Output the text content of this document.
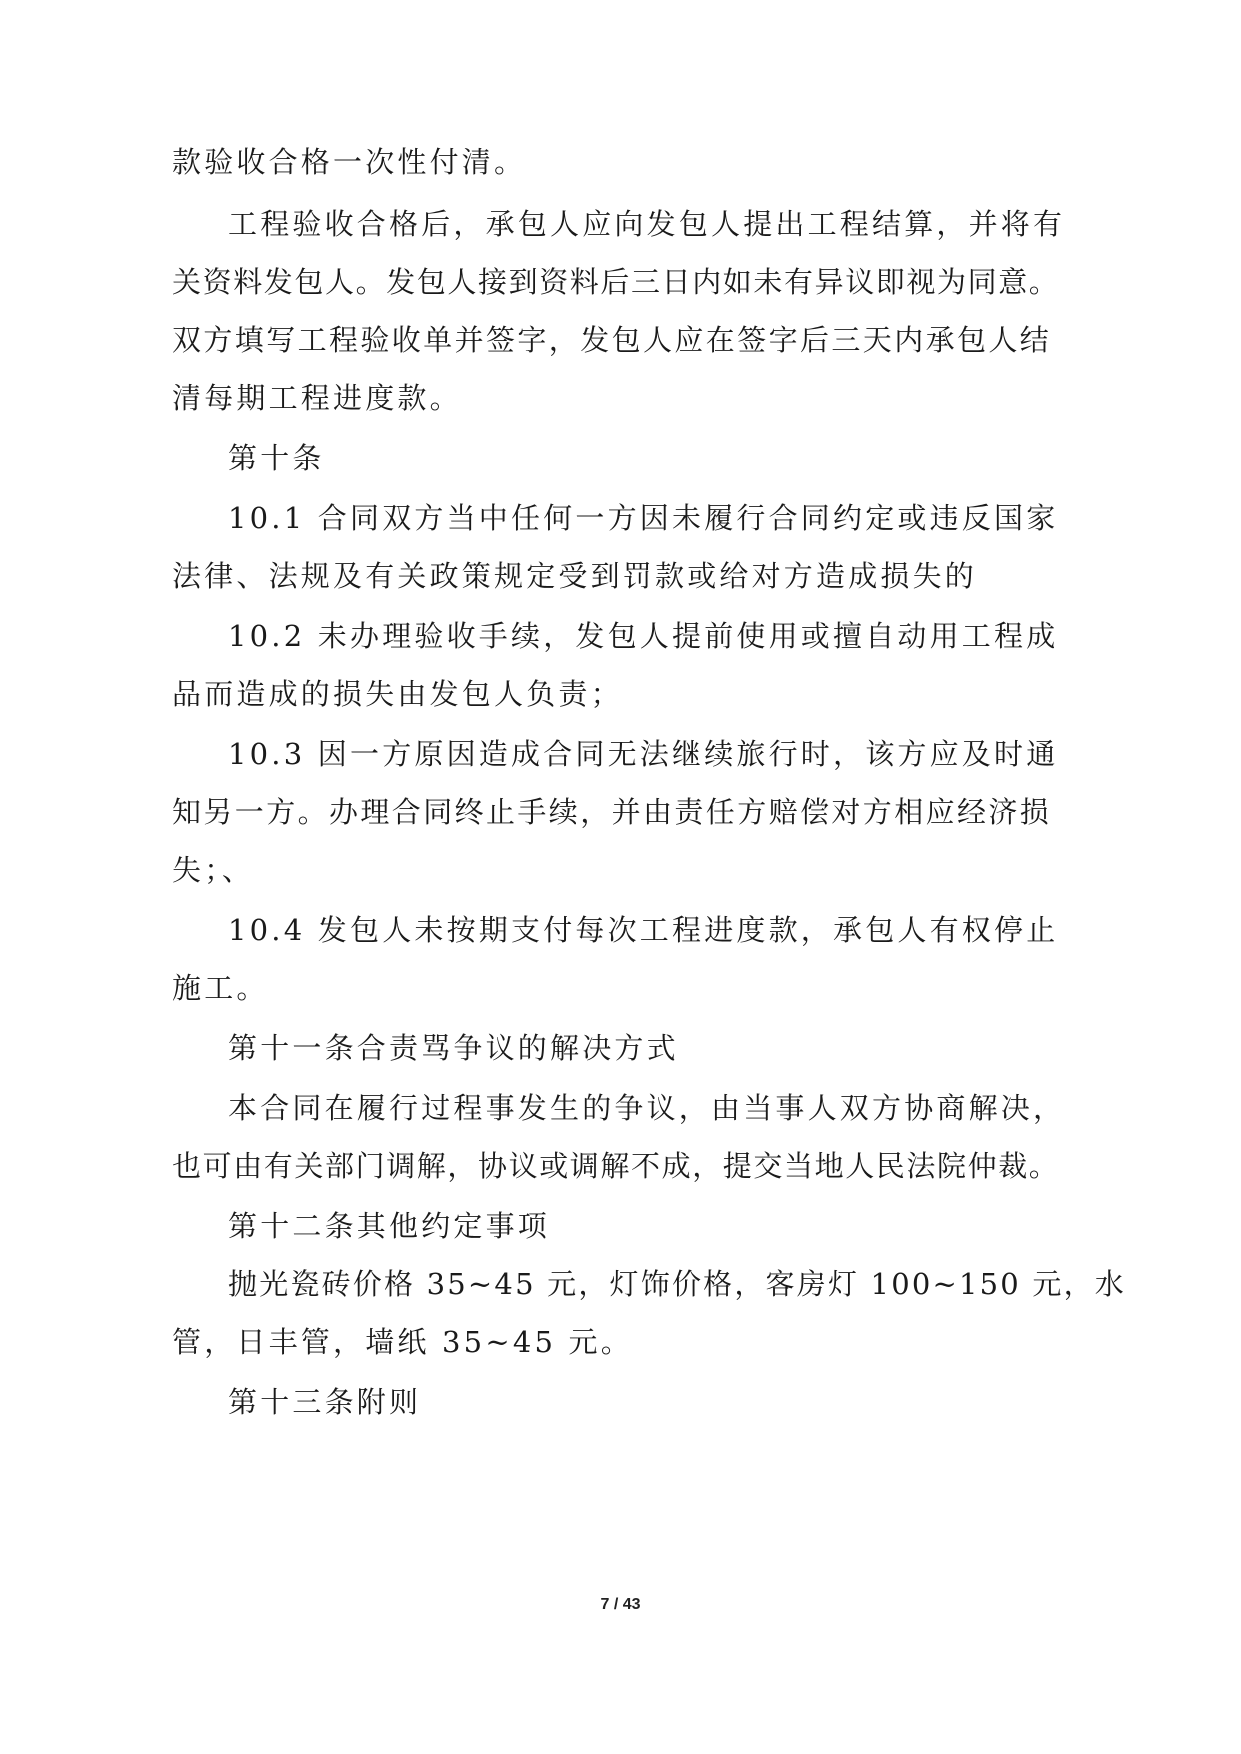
款验收合格一次性付清。
工程验收合格后，承包人应向发包人提出工程结算，并将有
关资料发包人。发包人接到资料后三日内如未有异议即视为同意。
双方填写工程验收单并签字，发包人应在签字后三天内承包人结
清每期工程进度款。
第十条
10.1 合同双方当中任何一方因未履行合同约定或违反国家
法律、法规及有关政策规定受到罚款或给对方造成损失的
10.2 未办理验收手续，发包人提前使用或擅自动用工程成
品而造成的损失由发包人负责；
10.3 因一方原因造成合同无法继续旅行时，该方应及时通
知另一方。办理合同终止手续，并由责任方赔偿对方相应经济损
失；、
10.4 发包人未按期支付每次工程进度款，承包人有权停止
施工。
第十一条合责骂争议的解决方式
本合同在履行过程事发生的争议，由当事人双方协商解决，
也可由有关部门调解，协议或调解不成，提交当地人民法院仲裁。
第十二条其他约定事项
抛光瓷砖价格 35~45 元，灯饰价格，客房灯 100~150 元，水
管，日丰管，墙纸 35~45 元。
第十三条附则
7 / 43
